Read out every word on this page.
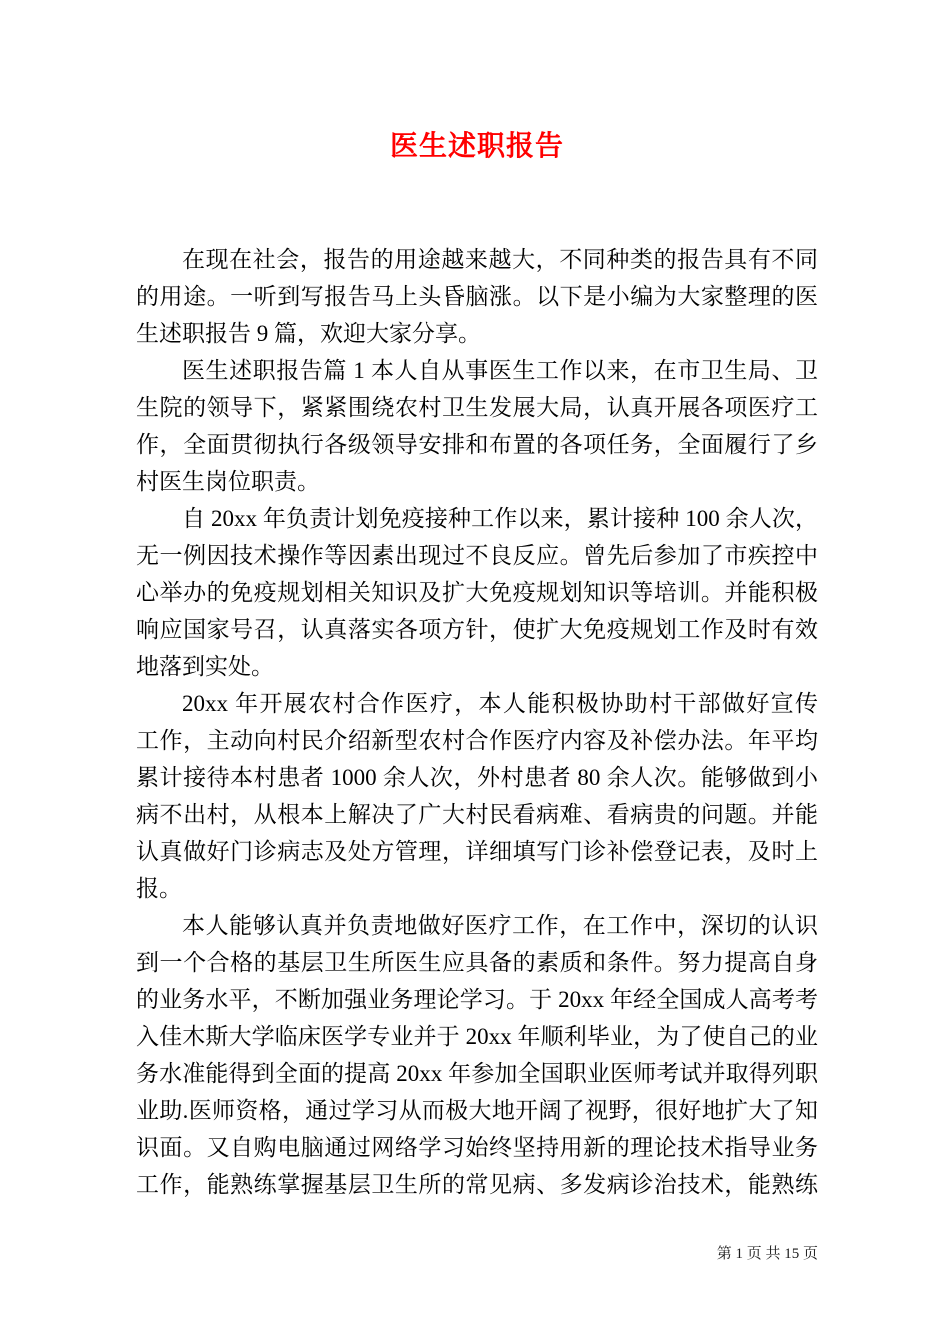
医生述职报告
在现在社会，报告的用途越来越大，不同种类的报告具有不同
的用途。一听到写报告马上头昏脑涨。以下是小编为大家整理的医
生述职报告 9 篇，欢迎大家分享。
医生述职报告篇 1 本人自从事医生工作以来，在市卫生局、卫
生院的领导下，紧紧围绕农村卫生发展大局，认真开展各项医疗工
作，全面贯彻执行各级领导安排和布置的各项任务，全面履行了乡
村医生岗位职责。
自 20xx 年负责计划免疫接种工作以来，累计接种 100 余人次，
无一例因技术操作等因素出现过不良反应。曾先后参加了市疾控中
心举办的免疫规划相关知识及扩大免疫规划知识等培训。并能积极
响应国家号召，认真落实各项方针，使扩大免疫规划工作及时有效
地落到实处。
20xx 年开展农村合作医疗，本人能积极协助村干部做好宣传
工作，主动向村民介绍新型农村合作医疗内容及补偿办法。年平均
累计接待本村患者 1000 余人次，外村患者 80 余人次。能够做到小
病不出村，从根本上解决了广大村民看病难、看病贵的问题。并能
认真做好门诊病志及处方管理，详细填写门诊补偿登记表，及时上
报。
本人能够认真并负责地做好医疗工作，在工作中，深切的认识
到一个合格的基层卫生所医生应具备的素质和条件。努力提高自身
的业务水平，不断加强业务理论学习。于 20xx 年经全国成人高考考
入佳木斯大学临床医学专业并于 20xx 年顺利毕业，为了使自己的业
务水准能得到全面的提高 20xx 年参加全国职业医师考试并取得列职
业助.医师资格，通过学习从而极大地开阔了视野，很好地扩大了知
识面。又自购电脑通过网络学习始终坚持用新的理论技术指导业务
工作，能熟练掌握基层卫生所的常见病、多发病诊治技术，能熟练
第 1 页 共 15 页
